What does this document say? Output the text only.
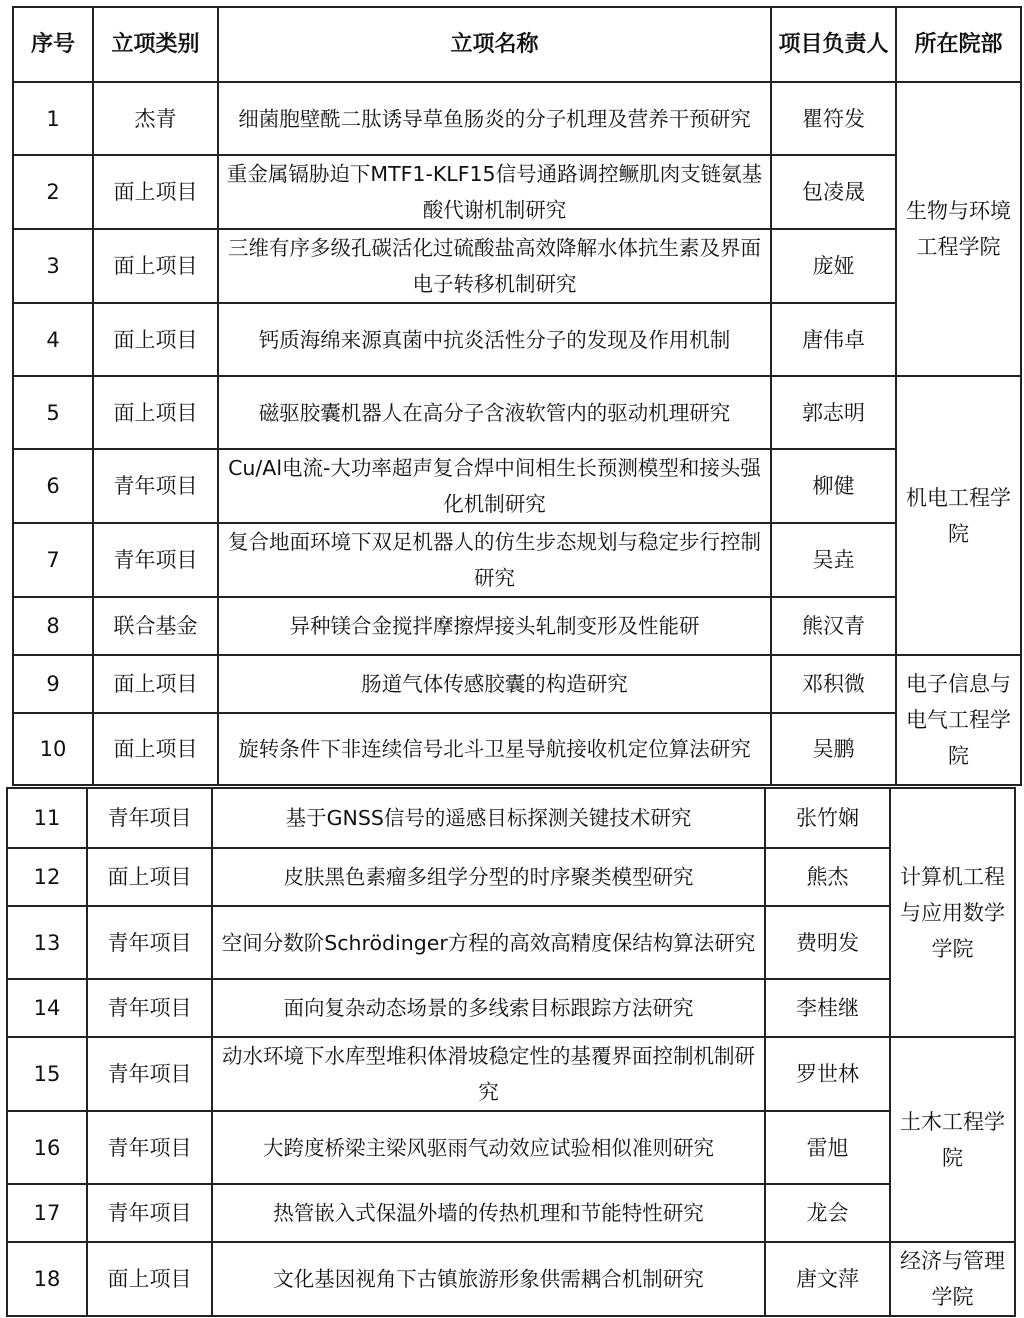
序号	立项类别	立项名称	项目负责人	所在院部
1	杰青	细菌胞壁酰二肽诱导草鱼肠炎的分子机理及营养干预研究	瞿符发	生物与环境工程学院
2	面上项目	重金属镉胁迫下MTF1-KLF15信号通路调控鳜肌肉支链氨基酸代谢机制研究	包凌晟	
3	面上项目	三维有序多级孔碳活化过硫酸盐高效降解水体抗生素及界面电子转移机制研究	庞娅	
4	面上项目	钙质海绵来源真菌中抗炎活性分子的发现及作用机制	唐伟卓	
5	面上项目	磁驱胶囊机器人在高分子含液软管内的驱动机理研究	郭志明	机电工程学院
6	青年项目	Cu/Al电流-大功率超声复合焊中间相生长预测模型和接头强化机制研究	柳健	
7	青年项目	复合地面环境下双足机器人的仿生步态规划与稳定步行控制研究	吴垚	
8	联合基金	异种镁合金搅拌摩擦焊接头轧制变形及性能研	熊汉青	
9	面上项目	肠道气体传感胶囊的构造研究	邓积微	电子信息与电气工程学院
10	面上项目	旋转条件下非连续信号北斗卫星导航接收机定位算法研究	吴鹏	
11	青年项目	基于GNSS信号的遥感目标探测关键技术研究	张竹娴	计算机工程与应用数学学院
12	面上项目	皮肤黑色素瘤多组学分型的时序聚类模型研究	熊杰	
13	青年项目	空间分数阶Schrödinger方程的高效高精度保结构算法研究	费明发	
14	青年项目	面向复杂动态场景的多线索目标跟踪方法研究	李桂继	
15	青年项目	动水环境下水库型堆积体滑坡稳定性的基覆界面控制机制研究	罗世林	土木工程学院
16	青年项目	大跨度桥梁主梁风驱雨气动效应试验相似准则研究	雷旭	
17	青年项目	热管嵌入式保温外墙的传热机理和节能特性研究	龙会	
18	面上项目	文化基因视角下古镇旅游形象供需耦合机制研究	唐文萍	经济与管理学院
